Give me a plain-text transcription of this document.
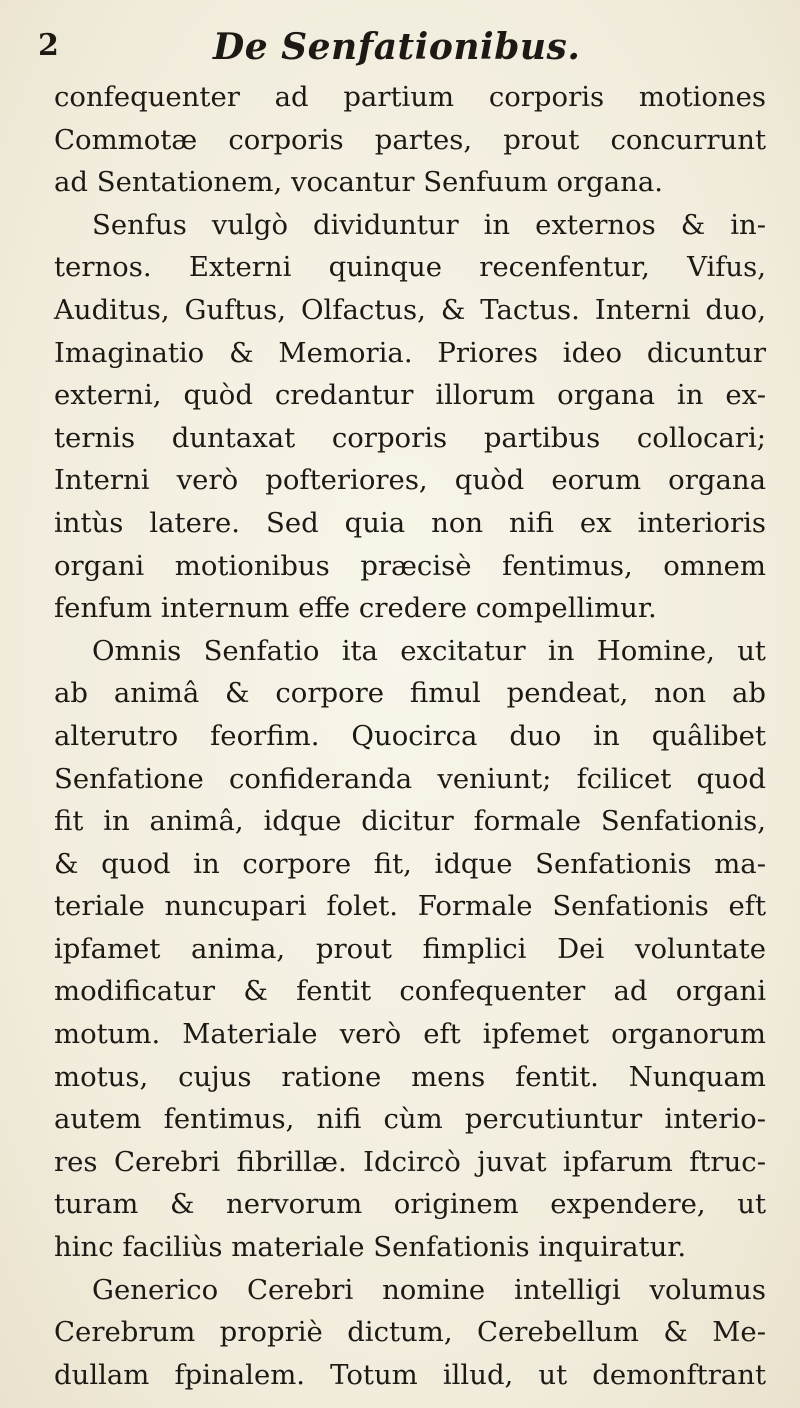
2	De Senfationibus.
confequenter ad partium corporis motiones
Commotæ corporis partes, prout concurrunt
ad Sentationem, vocantur Senfuum organa.
Senfus vulgò dividuntur in externos & in-
ternos. Externi quinque recenfentur, Vifus,
Auditus, Guftus, Olfactus, & Tactus. Interni duo,
Imaginatio & Memoria. Priores ideo dicuntur
externi, quòd credantur illorum organa in ex-
ternis duntaxat corporis partibus collocari;
Interni verò pofteriores, quòd eorum organa
intùs latere. Sed quia non nifi ex interioris
organi motionibus præcisè fentimus, omnem
fenfum internum effe credere compellimur.
Omnis Senfatio ita excitatur in Homine, ut
ab animâ & corpore fimul pendeat, non ab
alterutro feorfim. Quocirca duo in quâlibet
Senfatione confideranda veniunt; fcilicet quod
fit in animâ, idque dicitur formale Senfationis,
& quod in corpore fit, idque Senfationis ma-
teriale nuncupari folet. Formale Senfationis eft
ipfamet anima, prout fimplici Dei voluntate
modificatur & fentit confequenter ad organi
motum. Materiale verò eft ipfemet organorum
motus, cujus ratione mens fentit. Nunquam
autem fentimus, nifi cùm percutiuntur interio-
res Cerebri fibrillæ. Idcircò juvat ipfarum ftruc-
turam & nervorum originem expendere, ut
hinc faciliùs materiale Senfationis inquiratur.
Generico Cerebri nomine intelligi volumus
Cerebrum propriè dictum, Cerebellum & Me-
dullam fpinalem. Totum illud, ut demonftrant
